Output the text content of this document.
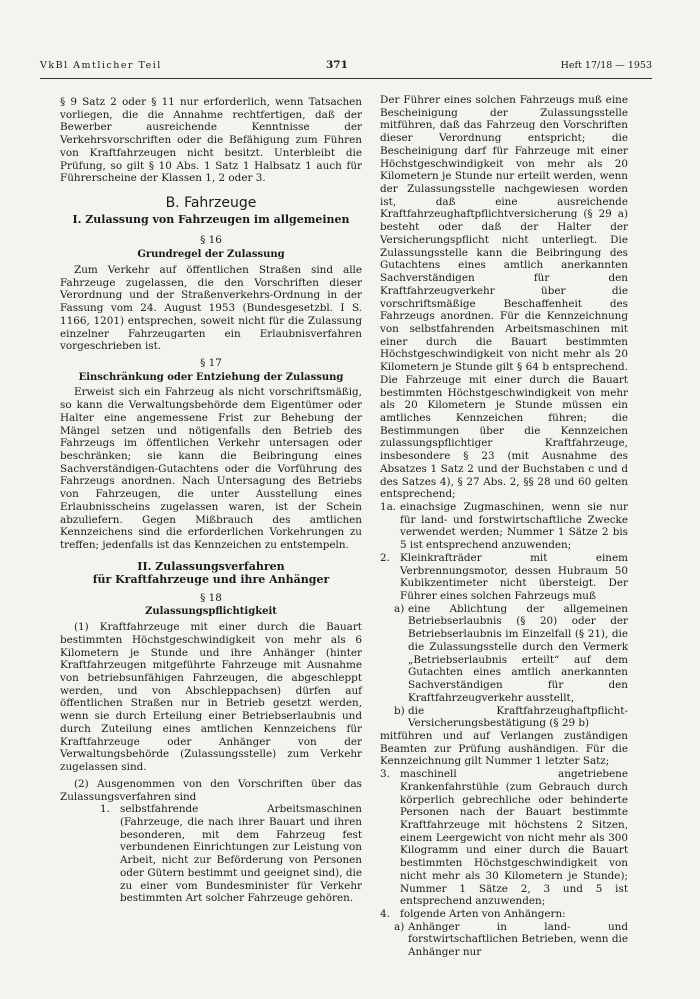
VkBl Amtlicher Teil	371	Heft 17/18 — 1953

§ 9 Satz 2 oder § 11 nur erforderlich, wenn Tatsachen vorliegen, die die Annahme rechtfertigen, daß der Bewerber ausreichende Kenntnisse der Verkehrsvorschriften oder die Befähigung zum Führen von Kraftfahrzeugen nicht besitzt. Unterbleibt die Prüfung, so gilt § 10 Abs. 1 Satz 1 Halbsatz 1 auch für Führerscheine der Klassen 1, 2 oder 3.

B. Fahrzeuge
I. Zulassung von Fahrzeugen im allgemeinen
§ 16
Grundregel der Zulassung

Zum Verkehr auf öffentlichen Straßen sind alle Fahrzeuge zugelassen, die den Vorschriften dieser Verordnung und der Straßenverkehrs-Ordnung in der Fassung vom 24. August 1953 (Bundesgesetzbl. I S. 1166, 1201) entsprechen, soweit nicht für die Zulassung einzelner Fahrzeugarten ein Erlaubnisverfahren vorgeschrieben ist.

§ 17
Einschränkung oder Entziehung der Zulassung

Erweist sich ein Fahrzeug als nicht vorschriftsmäßig, so kann die Verwaltungsbehörde dem Eigentümer oder Halter eine angemessene Frist zur Behebung der Mängel setzen und nötigenfalls den Betrieb des Fahrzeugs im öffentlichen Verkehr untersagen oder beschränken; sie kann die Beibringung eines Sachverständigen-Gutachtens oder die Vorführung des Fahrzeugs anordnen. Nach Untersagung des Betriebs von Fahrzeugen, die unter Ausstellung eines Erlaubnisscheins zugelassen waren, ist der Schein abzuliefern. Gegen Mißbrauch des amtlichen Kennzeichens sind die erforderlichen Vorkehrungen zu treffen; jedenfalls ist das Kennzeichen zu entstempeln.

II. Zulassungsverfahren
für Kraftfahrzeuge und ihre Anhänger
§ 18
Zulassungspflichtigkeit

(1) Kraftfahrzeuge mit einer durch die Bauart bestimmten Höchstgeschwindigkeit von mehr als 6 Kilometern je Stunde und ihre Anhänger (hinter Kraftfahrzeugen mitgeführte Fahrzeuge mit Ausnahme von betriebsunfähigen Fahrzeugen, die abgeschleppt werden, und von Abschleppachsen) dürfen auf öffentlichen Straßen nur in Betrieb gesetzt werden, wenn sie durch Erteilung einer Betriebserlaubnis und durch Zuteilung eines amtlichen Kennzeichens für Kraftfahrzeuge oder Anhänger von der Verwaltungsbehörde (Zulassungsstelle) zum Verkehr zugelassen sind.

(2) Ausgenommen von den Vorschriften über das Zulassungsverfahren sind

1. selbstfahrende Arbeitsmaschinen (Fahrzeuge, die nach ihrer Bauart und ihren besonderen, mit dem Fahrzeug fest verbundenen Einrichtungen zur Leistung von Arbeit, nicht zur Beförderung von Personen oder Gütern bestimmt und geeignet sind), die zu einer vom Bundesminister für Verkehr bestimmten Art solcher Fahrzeuge gehören.

Der Führer eines solchen Fahrzeugs muß eine Bescheinigung der Zulassungsstelle mitführen, daß das Fahrzeug den Vorschriften dieser Verordnung entspricht; die Bescheinigung darf für Fahrzeuge mit einer Höchstgeschwindigkeit von mehr als 20 Kilometern je Stunde nur erteilt werden, wenn der Zulassungsstelle nachgewiesen worden ist, daß eine ausreichende Kraftfahrzeughaftpflichtversicherung (§ 29 a) besteht oder daß der Halter der Versicherungspflicht nicht unterliegt. Die Zulassungsstelle kann die Beibringung des Gutachtens eines amtlich anerkannten Sachverständigen für den Kraftfahrzeugverkehr über die vorschriftsmäßige Beschaffenheit des Fahrzeugs anordnen. Für die Kennzeichnung von selbstfahrenden Arbeitsmaschinen mit einer durch die Bauart bestimmten Höchstgeschwindigkeit von nicht mehr als 20 Kilometern je Stunde gilt § 64 b entsprechend. Die Fahrzeuge mit einer durch die Bauart bestimmten Höchstgeschwindigkeit von mehr als 20 Kilometern je Stunde müssen ein amtliches Kennzeichen führen; die Bestimmungen über die Kennzeichen zulassungspflichtiger Kraftfahrzeuge, insbesondere § 23 (mit Ausnahme des Absatzes 1 Satz 2 und der Buchstaben c und d des Satzes 4), § 27 Abs. 2, §§ 28 und 60 gelten entsprechend;

1a. einachsige Zugmaschinen, wenn sie nur für land- und forstwirtschaftliche Zwecke verwendet werden; Nummer 1 Sätze 2 bis 5 ist entsprechend anzuwenden;
2. Kleinkrafträder mit einem Verbrennungsmotor, dessen Hubraum 50 Kubikzentimeter nicht übersteigt. Der Führer eines solchen Fahrzeugs muß
a) eine Ablichtung der allgemeinen Betriebserlaubnis (§ 20) oder der Betriebserlaubnis im Einzelfall (§ 21), die die Zulassungsstelle durch den Vermerk „Betriebserlaubnis erteilt“ auf dem Gutachten eines amtlich anerkannten Sachverständigen für den Kraftfahrzeugverkehr ausstellt,
b) die Kraftfahrzeughaftpflicht-Versicherungsbestätigung (§ 29 b)

mitführen und auf Verlangen zuständigen Beamten zur Prüfung aushändigen. Für die Kennzeichnung gilt Nummer 1 letzter Satz;

3. maschinell angetriebene Krankenfahrstühle (zum Gebrauch durch körperlich gebrechliche oder behinderte Personen nach der Bauart bestimmte Kraftfahrzeuge mit höchstens 2 Sitzen, einem Leergewicht von nicht mehr als 300 Kilogramm und einer durch die Bauart bestimmten Höchstgeschwindigkeit von nicht mehr als 30 Kilometern je Stunde); Nummer 1 Sätze 2, 3 und 5 ist entsprechend anzuwenden;
4. folgende Arten von Anhängern:
a) Anhänger in land- und forstwirtschaftlichen Betrieben, wenn die Anhänger nur
